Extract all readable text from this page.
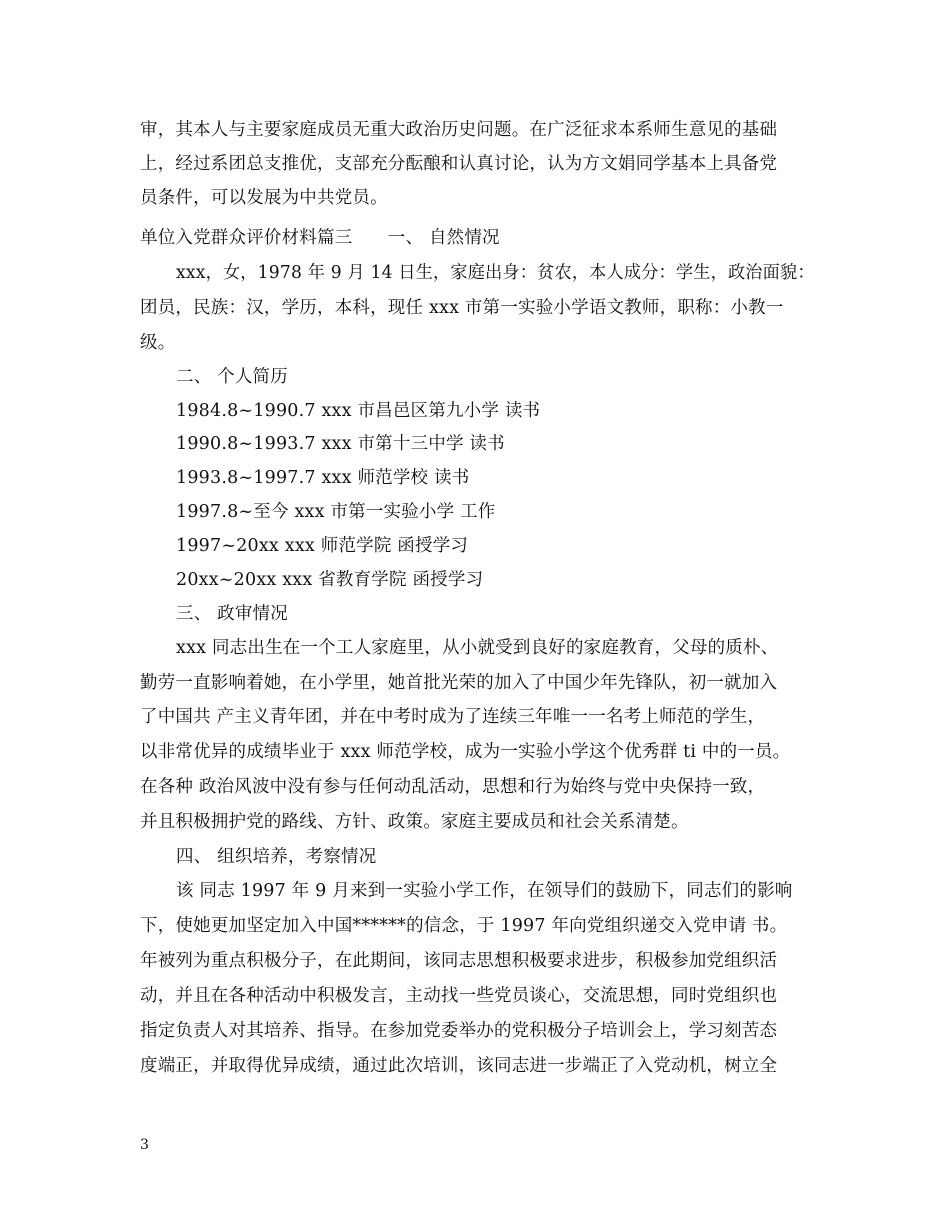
审，其本人与主要家庭成员无重大政治历史问题。在广泛征求本系师生意见的基础
上，经过系团总支推优，支部充分酝酿和认真讨论，认为方文娟同学基本上具备党
员条件，可以发展为中共党员。
单位入党群众评价材料篇三　　一、 自然情况
xxx，女，1978 年 9 月 14 日生，家庭出身：贫农，本人成分：学生，政治面貌：
团员，民族：汉，学历，本科，现任 xxx 市第一实验小学语文教师，职称：小教一
级。
二、 个人简历
1984.8~1990.7 xxx 市昌邑区第九小学 读书
1990.8~1993.7 xxx 市第十三中学 读书
1993.8~1997.7 xxx 师范学校 读书
1997.8~至今 xxx 市第一实验小学 工作
1997~20xx xxx 师范学院 函授学习
20xx~20xx xxx 省教育学院 函授学习
三、 政审情况
xxx 同志出生在一个工人家庭里，从小就受到良好的家庭教育，父母的质朴、
勤劳一直影响着她，在小学里，她首批光荣的加入了中国少年先锋队，初一就加入
了中国共 产主义青年团，并在中考时成为了连续三年唯一一名考上师范的学生，
以非常优异的成绩毕业于 xxx 师范学校，成为一实验小学这个优秀群 ti 中的一员。
在各种 政治风波中没有参与任何动乱活动，思想和行为始终与党中央保持一致，
并且积极拥护党的路线、方针、政策。家庭主要成员和社会关系清楚。
四、 组织培养，考察情况
该 同志 1997 年 9 月来到一实验小学工作，在领导们的鼓励下，同志们的影响
下，使她更加坚定加入中国******的信念，于 1997 年向党组织递交入党申请 书。
年被列为重点积极分子，在此期间，该同志思想积极要求进步，积极参加党组织活
动，并且在各种活动中积极发言，主动找一些党员谈心，交流思想，同时党组织也
指定负责人对其培养、指导。在参加党委举办的党积极分子培训会上，学习刻苦态
度端正，并取得优异成绩，通过此次培训，该同志进一步端正了入党动机，树立全
3
